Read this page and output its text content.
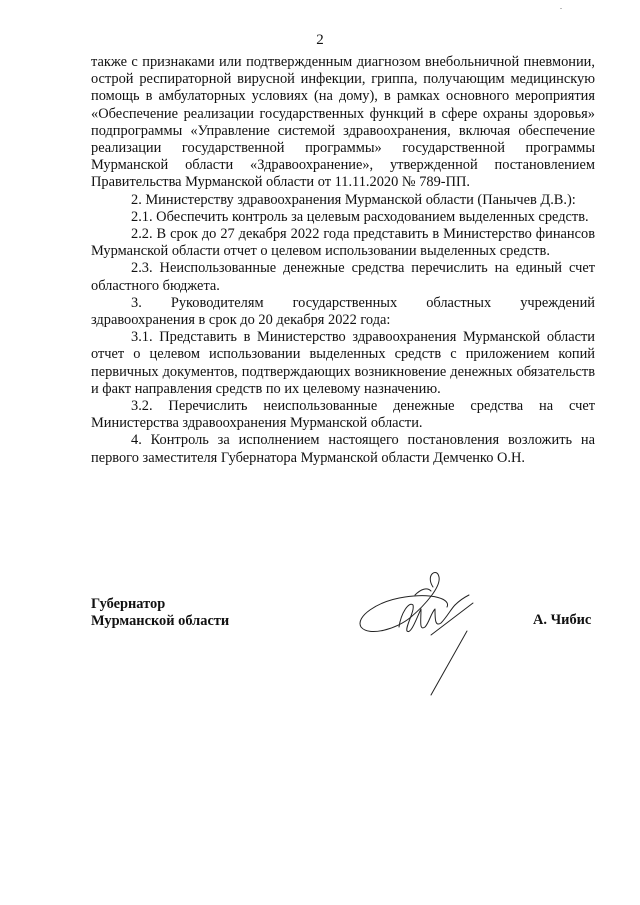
2

также с признаками или подтвержденным диагнозом внебольничной пневмонии, острой респираторной вирусной инфекции, гриппа, получающим медицинскую помощь в амбулаторных условиях (на дому), в рамках основного мероприятия «Обеспечение реализации государственных функций в сфере охраны здоровья» подпрограммы «Управление системой здравоохранения, включая обеспечение реализации государственной программы» государственной программы Мурманской области «Здравоохранение», утвержденной постановлением Правительства Мурманской области от 11.11.2020 № 789-ПП.

2. Министерству здравоохранения Мурманской области (Панычев Д.В.):

2.1. Обеспечить контроль за целевым расходованием выделенных средств.

2.2. В срок до 27 декабря 2022 года представить в Министерство финансов Мурманской области отчет о целевом использовании выделенных средств.

2.3. Неиспользованные денежные средства перечислить на единый счет областного бюджета.

3. Руководителям государственных областных учреждений здравоохранения в срок до 20 декабря 2022 года:

3.1. Представить в Министерство здравоохранения Мурманской области отчет о целевом использовании выделенных средств с приложением копий первичных документов, подтверждающих возникновение денежных обязательств и факт направления средств по их целевому назначению.

3.2. Перечислить неиспользованные денежные средства на счет Министерства здравоохранения Мурманской области.

4. Контроль за исполнением настоящего постановления возложить на первого заместителя Губернатора Мурманской области Демченко О.Н.

Губернатор
Мурманской области	А. Чибис
